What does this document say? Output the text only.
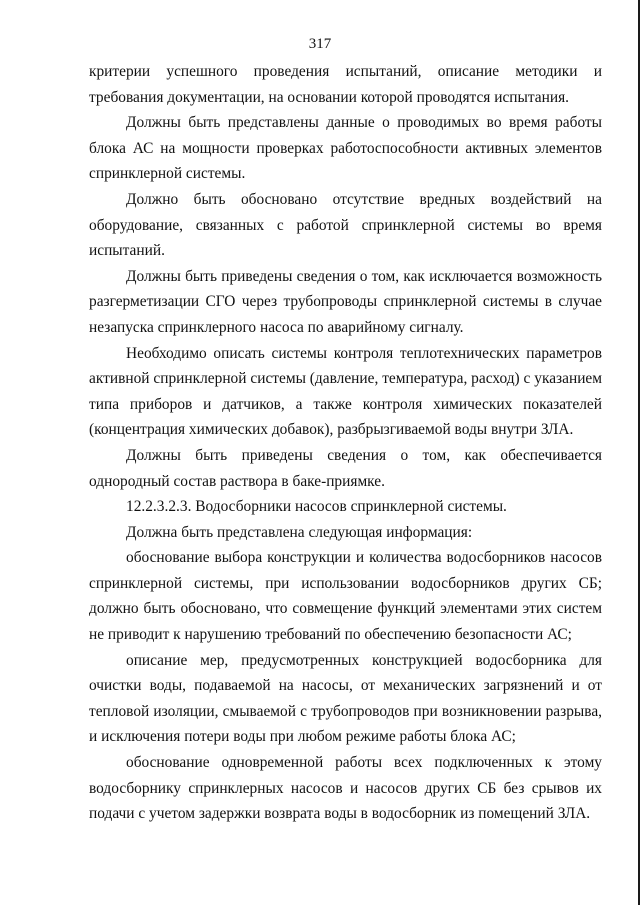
317

критерии успешного проведения испытаний, описание методики и требования документации, на основании которой проводятся испытания.

Должны быть представлены данные о проводимых во время работы блока АС на мощности проверках работоспособности активных элементов спринклерной системы.

Должно быть обосновано отсутствие вредных воздействий на оборудование, связанных с работой спринклерной системы во время испытаний.

Должны быть приведены сведения о том, как исключается возможность разгерметизации СГО через трубопроводы спринклерной системы в случае незапуска спринклерного насоса по аварийному сигналу.

Необходимо описать системы контроля теплотехнических параметров активной спринклерной системы (давление, температура, расход) с указанием типа приборов и датчиков, а также контроля химических показателей (концентрация химических добавок), разбрызгиваемой воды внутри ЗЛА.

Должны быть приведены сведения о том, как обеспечивается однородный состав раствора в баке-приямке.

12.2.3.2.3. Водосборники насосов спринклерной системы.

Должна быть представлена следующая информация:

обоснование выбора конструкции и количества водосборников насосов спринклерной системы, при использовании водосборников других СБ; должно быть обосновано, что совмещение функций элементами этих систем не приводит к нарушению требований по обеспечению безопасности АС;

описание мер, предусмотренных конструкцией водосборника для очистки воды, подаваемой на насосы, от механических загрязнений и от тепловой изоляции, смываемой с трубопроводов при возникновении разрыва, и исключения потери воды при любом режиме работы блока АС;

обоснование одновременной работы всех подключенных к этому водосборнику спринклерных насосов и насосов других СБ без срывов их подачи с учетом задержки возврата воды в водосборник из помещений ЗЛА.
